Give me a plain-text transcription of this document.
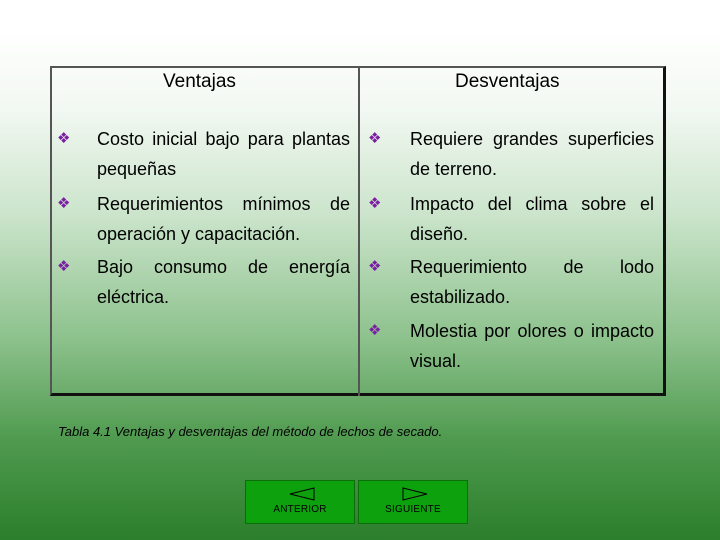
Ventajas	Desventajas
❖ Costo inicial bajo para plantas pequeñas
❖ Requerimientos mínimos de operación y capacitación.
❖ Bajo consumo de energía eléctrica.
❖ Requiere grandes superficies de terreno.
❖ Impacto del clima sobre el diseño.
❖ Requerimiento de lodo estabilizado.
❖ Molestia por olores o impacto visual.
Tabla 4.1 Ventajas y desventajas del método de lechos de secado.
ANTERIOR	SIGUIENTE
